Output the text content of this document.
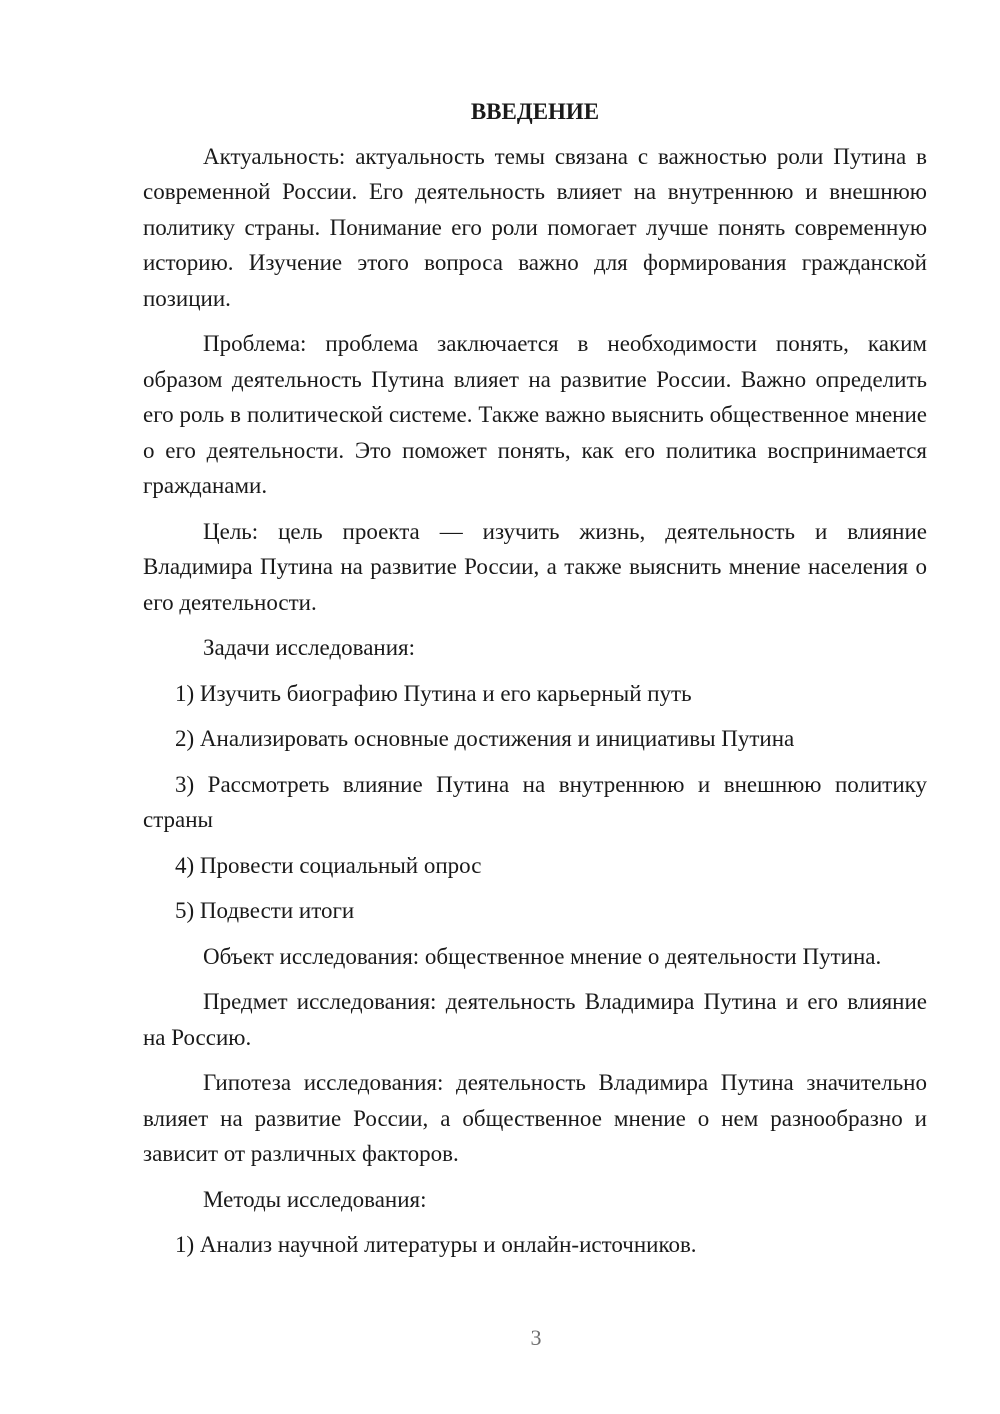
ВВЕДЕНИЕ

Актуальность: актуальность темы связана с важностью роли Путина в современной России. Его деятельность влияет на внутреннюю и внешнюю политику страны. Понимание его роли помогает лучше понять современную историю. Изучение этого вопроса важно для формирования гражданской позиции.

Проблема: проблема заключается в необходимости понять, каким образом деятельность Путина влияет на развитие России. Важно определить его роль в политической системе. Также важно выяснить общественное мнение о его деятельности. Это поможет понять, как его политика воспринимается гражданами.

Цель: цель проекта — изучить жизнь, деятельность и влияние Владимира Путина на развитие России, а также выяснить мнение населения о его деятельности.

Задачи исследования:

1) Изучить биографию Путина и его карьерный путь

2) Анализировать основные достижения и инициативы Путина

3) Рассмотреть влияние Путина на внутреннюю и внешнюю политику страны

4) Провести социальный опрос

5) Подвести итоги

Объект исследования: общественное мнение о деятельности Путина.

Предмет исследования: деятельность Владимира Путина и его влияние на Россию.

Гипотеза исследования: деятельность Владимира Путина значительно влияет на развитие России, а общественное мнение о нем разнообразно и зависит от различных факторов.

Методы исследования:

1) Анализ научной литературы и онлайн-источников.

3
